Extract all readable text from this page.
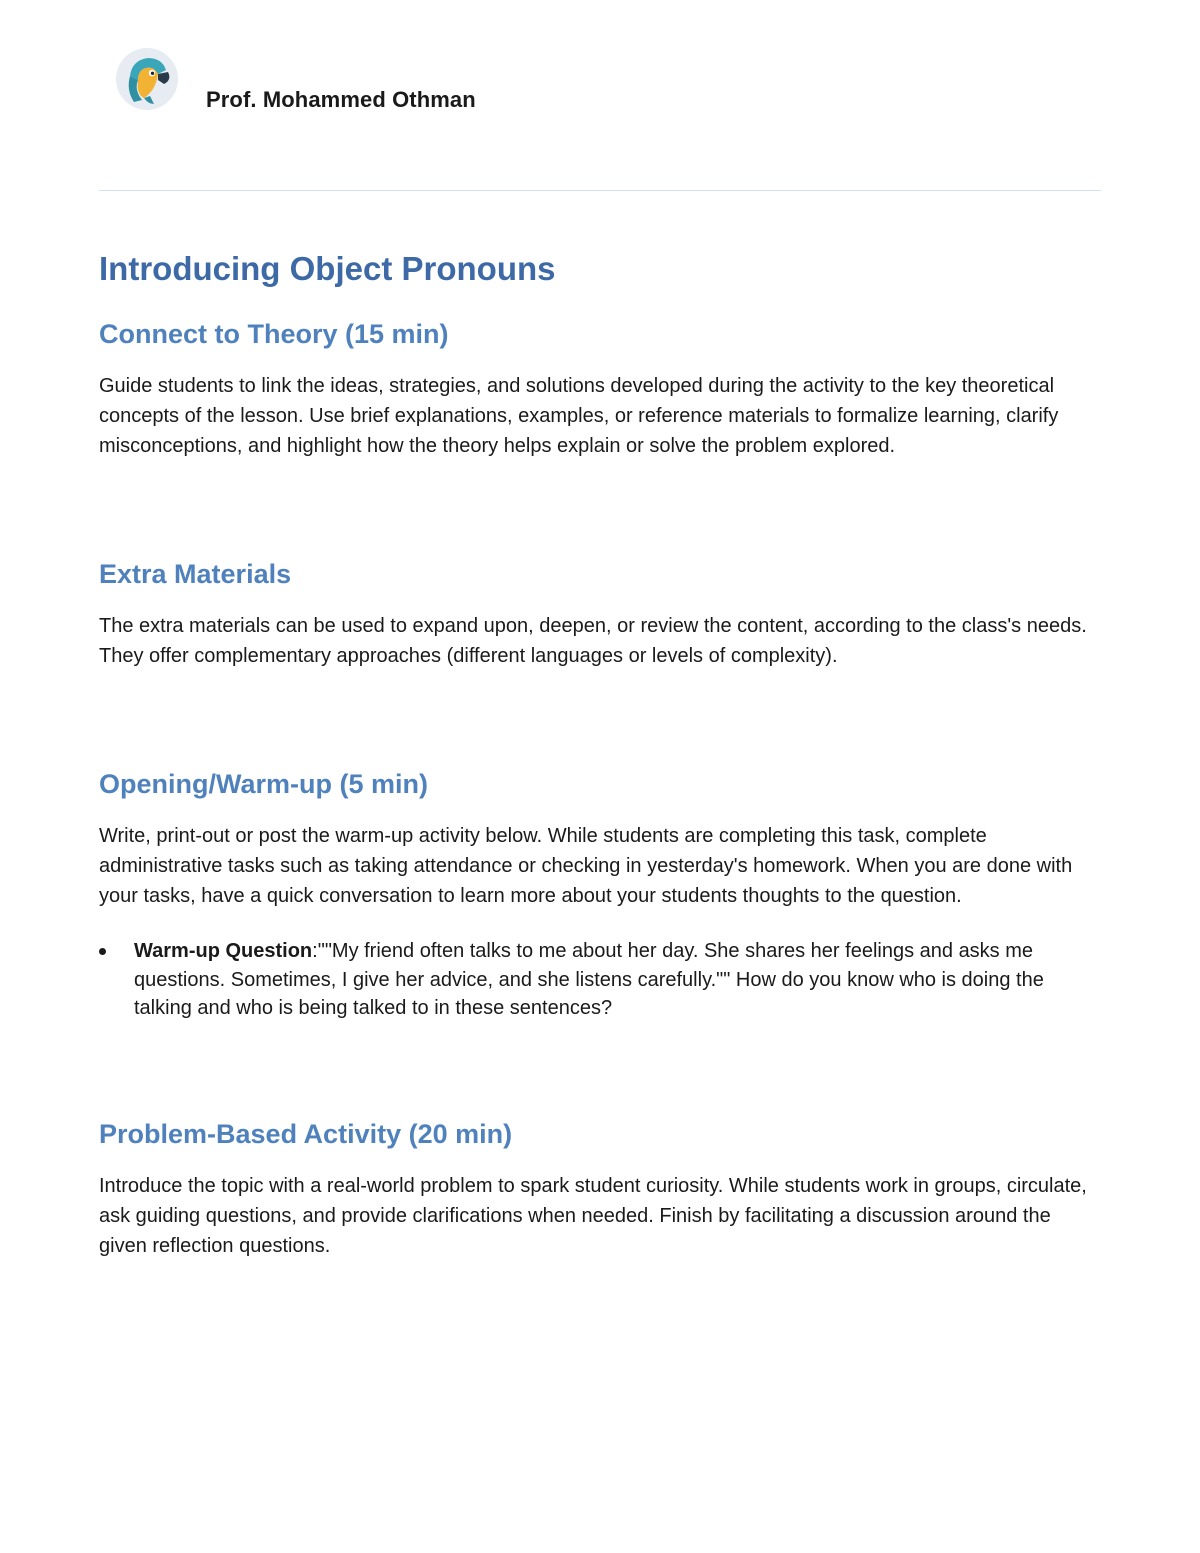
Prof. Mohammed Othman
Introducing Object Pronouns
Connect to Theory (15 min)

Guide students to link the ideas, strategies, and solutions developed during the activity to the key theoretical concepts of the lesson. Use brief explanations, examples, or reference materials to formalize learning, clarify misconceptions, and highlight how the theory helps explain or solve the problem explored.

Extra Materials

The extra materials can be used to expand upon, deepen, or review the content, according to the class's needs. They offer complementary approaches (different languages or levels of complexity).

Opening/Warm-up (5 min)

Write, print-out or post the warm-up activity below. While students are completing this task, complete administrative tasks such as taking attendance or checking in yesterday's homework. When you are done with your tasks, have a quick conversation to learn more about your students thoughts to the question.

Warm-up Question:""My friend often talks to me about her day. She shares her feelings and asks me questions. Sometimes, I give her advice, and she listens carefully."" How do you know who is doing the talking and who is being talked to in these sentences?
Problem-Based Activity (20 min)

Introduce the topic with a real-world problem to spark student curiosity. While students work in groups, circulate, ask guiding questions, and provide clarifications when needed. Finish by facilitating a discussion around the given reflection questions.
